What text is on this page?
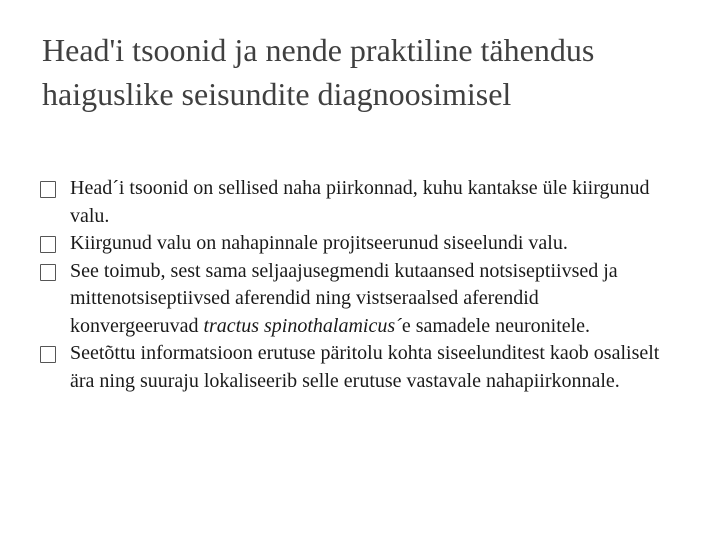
Head'i tsoonid ja nende praktiline tähendus haiguslike seisundite diagnoosimisel
Head´i tsoonid on sellised naha piirkonnad, kuhu kantakse üle kiirgunud valu.
Kiirgunud valu on nahapinnale projitseerunud siseelundi valu.
See toimub, sest sama seljaajusegmendi kutaansed notsiseptiivsed ja mittenotsiseptiivsed aferendid ning vistseraalsed aferendid konvergeeruvad tractus spinothalamicus´e samadele neuronitele.
Seetõttu informatsioon erutuse päritolu kohta siseelunditest kaob osaliselt ära ning suuraju lokaliseerib selle erutuse vastavale nahapiirkonnale.
